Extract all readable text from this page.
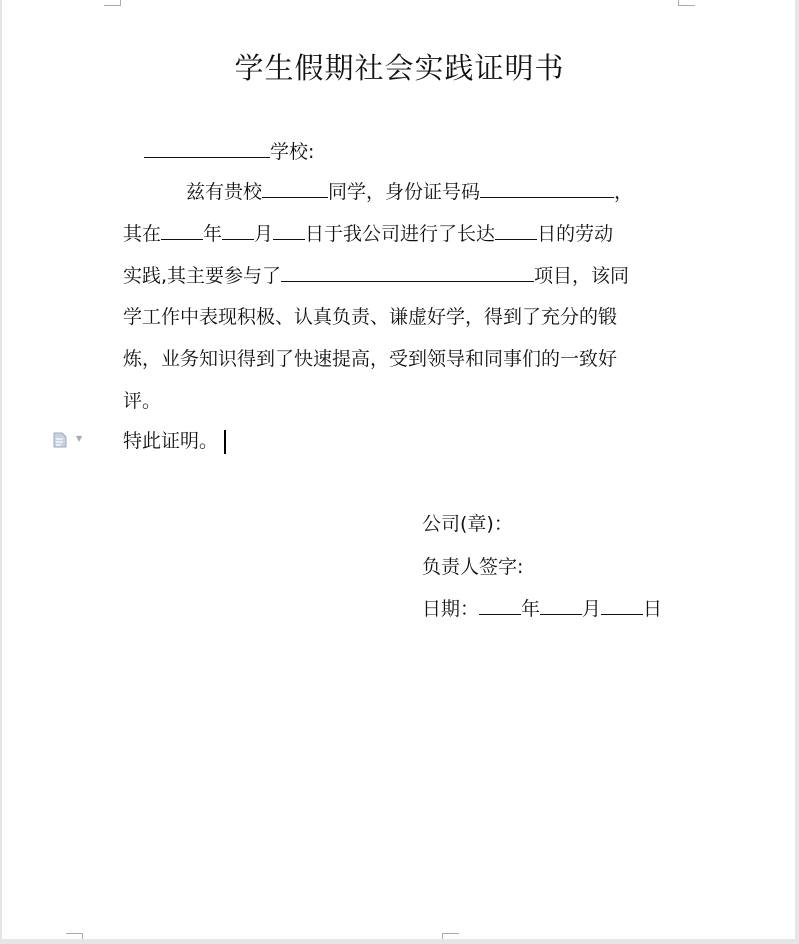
学生假期社会实践证明书
学校:
兹有贵校	同学，身份证号码	，
其在 年 月 日于我公司进行了长达 日的劳动
实践,其主要参与了	项目，该同
学工作中表现积极、认真负责、谦虚好学，得到了充分的锻
炼，业务知识得到了快速提高，受到领导和同事们的一致好
评。
▼ 特此证明。
公司(章)：
负责人签字:
日期： 年 月 日
